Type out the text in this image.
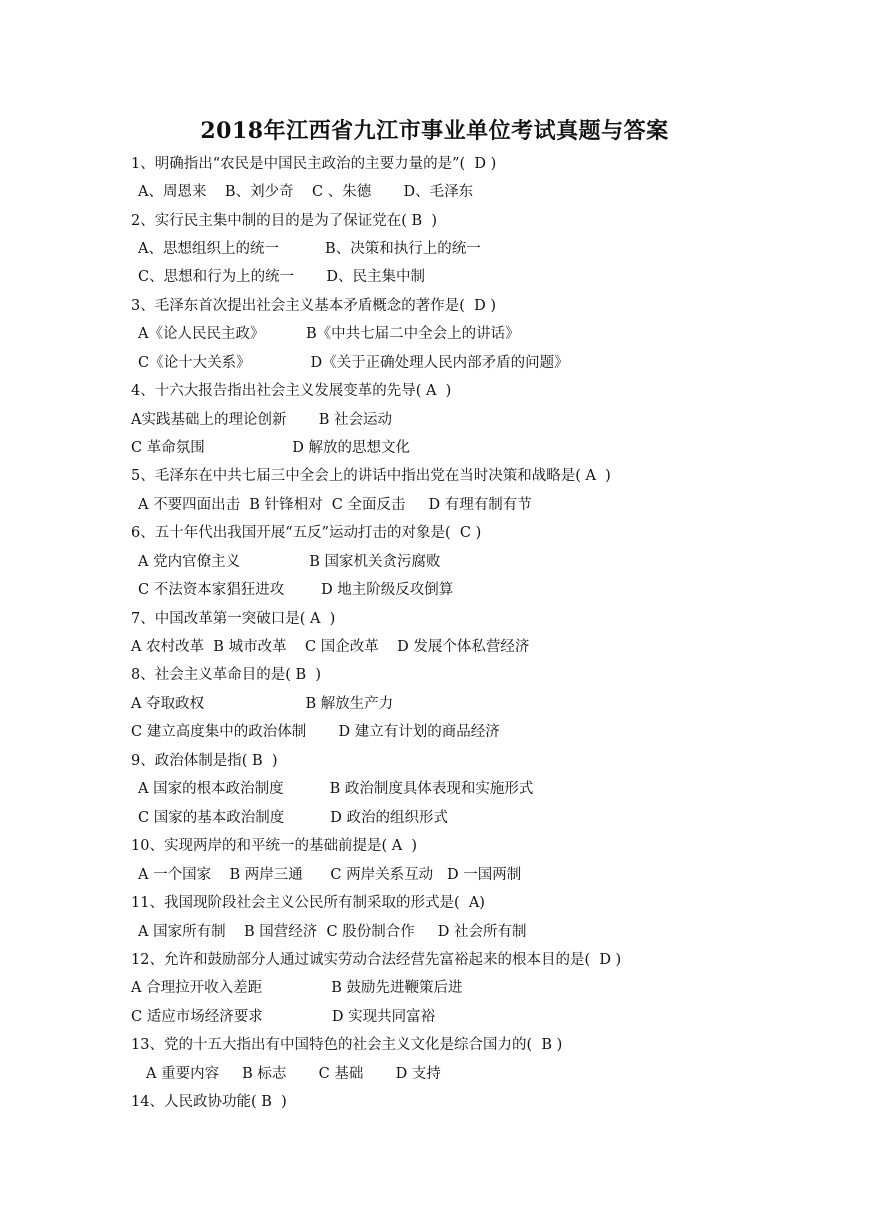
2018年江西省九江市事业单位考试真题与答案
1、明确指出“农民是中国民主政治的主要力量的是”(  D )
A、周恩来    B、刘少奇    C 、朱德       D、毛泽东
2、实行民主集中制的目的是为了保证党在( B  )
A、思想组织上的统一          B、决策和执行上的统一
C、思想和行为上的统一       D、民主集中制
3、毛泽东首次提出社会主义基本矛盾概念的著作是(  D )
A《论人民民主政》         B《中共七届二中全会上的讲话》
C《论十大关系》             D《关于正确处理人民内部矛盾的问题》
4、十六大报告指出社会主义发展变革的先导( A  )
A实践基础上的理论创新       B 社会运动
C 革命氛围                   D 解放的思想文化
5、毛泽东在中共七届三中全会上的讲话中指出党在当时决策和战略是( A  )
A 不要四面出击  B 针锋相对  C 全面反击     D 有理有制有节
6、五十年代出我国开展“五反”运动打击的对象是(  C )
A 党内官僚主义               B 国家机关贪污腐败
C 不法资本家猖狂进攻        D 地主阶级反攻倒算
7、中国改革第一突破口是( A  )
A 农村改革  B 城市改革    C 国企改革    D 发展个体私营经济
8、社会主义革命目的是( B  )
A 夺取政权                      B 解放生产力
C 建立高度集中的政治体制       D 建立有计划的商品经济
9、政治体制是指( B  )
A 国家的根本政治制度          B 政治制度具体表现和实施形式
C 国家的基本政治制度          D 政治的组织形式
10、实现两岸的和平统一的基础前提是( A  )
A 一个国家    B 两岸三通      C 两岸关系互动   D 一国两制
11、我国现阶段社会主义公民所有制采取的形式是(  A)
A 国家所有制    B 国营经济  C 股份制合作     D 社会所有制
12、允许和鼓励部分人通过诚实劳动合法经营先富裕起来的根本目的是(  D )
A 合理拉开收入差距               B 鼓励先进鞭策后进
C 适应市场经济要求               D 实现共同富裕
13、党的十五大指出有中国特色的社会主义文化是综合国力的(  B )
A 重要内容     B 标志       C 基础       D 支持
14、人民政协功能( B  )
